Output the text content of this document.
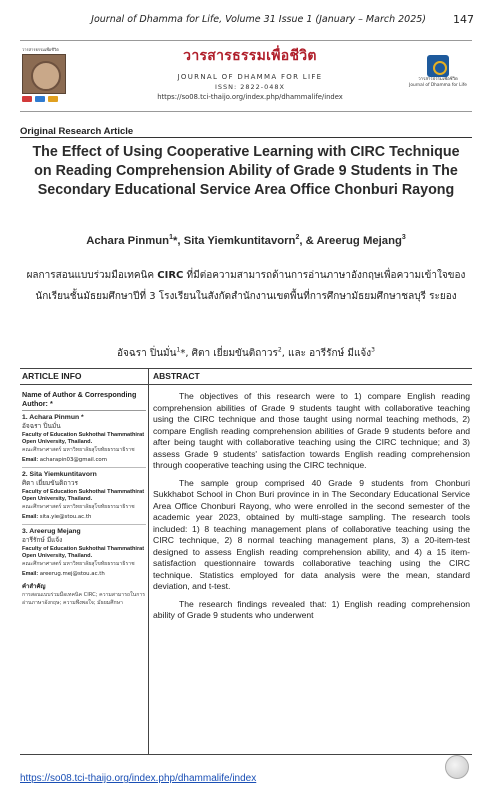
Journal of Dhamma for Life, Volume 31 Issue 1 (January – March 2025) 147
วารสารธรรมเพื่อชีวิต	วารสารธรรมเพื่อชีวิต
JOURNAL OF DHAMMA FOR LIFE
ISSN: 2822-048X
https://so08.tci-thaijo.org/index.php/dhammalife/index
วารสารธรรมเพื่อชีวิต
Journal of Dhamma for Life
Original Research Article
The Effect of Using Cooperative Learning with CIRC Technique on Reading Comprehension Ability of Grade 9 Students in The Secondary Educational Service Area Office Chonburi Rayong
Achara Pinmun$^1$*, Sita Yiemkuntitavorn$^2$, & Areerug Mejang$^3$
ผลการสอนแบบร่วมมือเทคนิค CIRC ที่มีต่อความสามารถด้านการอ่านภาษาอังกฤษเพื่อความเข้าใจของนักเรียนชั้นมัธยมศึกษาปีที่ 3 โรงเรียนในสังกัดสำนักงานเขตพื้นที่การศึกษามัธยมศึกษาชลบุรี ระยอง
อัจฉรา ปิ่นมั่น$^1$*, ศิตา เยี่ยมขันติถาวร$^2$, และ อารีรักษ์ มีแจ้ง$^3$
ARTICLE INFO
Name of Author & Corresponding Author: *
1. Achara Pinmun *
อัจฉรา ปิ่นมั่น
Faculty of Education Sukhothai Thammathirat Open University, Thailand.
คณะศึกษาศาสตร์ มหาวิทยาลัยสุโขทัยธรรมาธิราช
Email: acharapin03@gmail.com
2. Sita Yiemkuntitavorn
ศิตา เยี่ยมขันติถาวร
Faculty of Education Sukhothai Thammathirat Open University, Thailand.
คณะศึกษาศาสตร์ มหาวิทยาลัยสุโขทัยธรรมาธิราช
Email: sita.yie@stou.ac.th
3. Areerug Mejang
อารีรักษ์ มีแจ้ง
Faculty of Education Sukhothai Thammathirat Open University, Thailand.
คณะศึกษาศาสตร์ มหาวิทยาลัยสุโขทัยธรรมาธิราช
Email: areerug.mej@stou.ac.th
คำสำคัญ
การสอนแบบร่วมมือเทคนิค CIRC; ความสามารถในการอ่านภาษาอังกฤษ; ความพึงพอใจ; มัธยมศึกษา
ABSTRACT

The objectives of this research were to 1) compare English reading comprehension abilities of Grade 9 students taught with collaborative teaching using the CIRC technique and those taught using normal teaching methods, 2) compare English reading comprehension abilities of Grade 9 students before and after being taught with collaborative teaching using the CIRC technique; and 3) assess Grade 9 students' satisfaction towards English reading comprehension through cooperative teaching using the CIRC technique.

The sample group comprised 40 Grade 9 students from Chonburi Sukkhabot School in Chon Buri province in in The Secondary Educational Service Area Office Chonburi Rayong, who were enrolled in the second semester of the academic year 2023, obtained by multi-stage sampling. The research tools included: 1) 8 teaching management plans of collaborative teaching using the CIRC technique, 2) 8 normal teaching management plans, 3) a 20-item-test designed to assess English reading comprehension ability, and 4) a 15 item-satisfaction questionnaire towards collaborative teaching using the CIRC technique. Statistics employed for data analysis were the mean, standard deviation, and t-test.

The research findings revealed that: 1) English reading comprehension ability of Grade 9 students who underwent

https://so08.tci-thaijo.org/index.php/dhammalife/index
